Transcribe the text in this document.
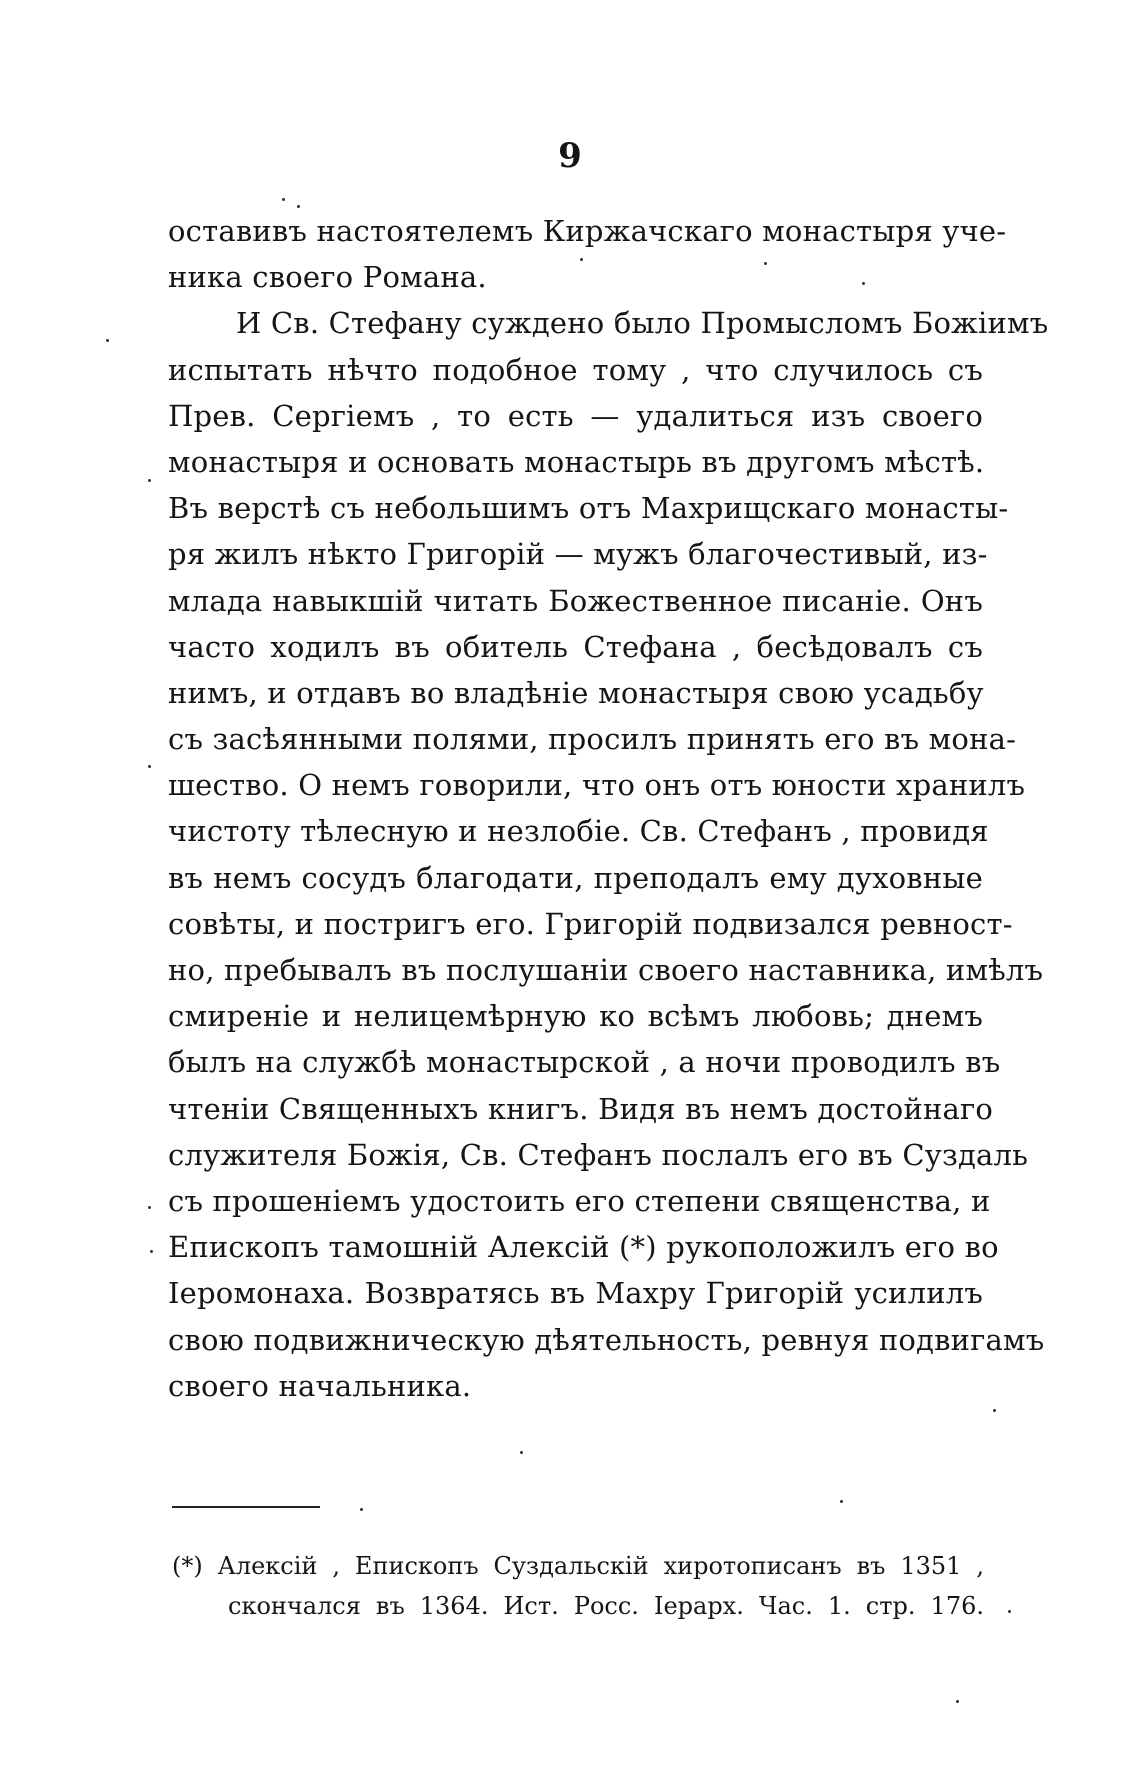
9
оставивъ настоятелемъ Киржачскаго монастыря уче-
ника своего Романа.
И Св. Стефану суждено было Промысломъ Божіимъ
испытать нѣчто подобное тому , что случилось съ
Прев. Сергіемъ , то есть — удалиться изъ своего
монастыря и основать монастырь въ другомъ мѣстѣ.
Въ верстѣ съ небольшимъ отъ Махрищскаго монасты-
ря жилъ нѣкто Григорій — мужъ благочестивый, из-
млада навыкшій читать Божественное писаніе. Онъ
часто ходилъ въ обитель Стефана , бесѣдовалъ съ
нимъ, и отдавъ во владѣніе монастыря свою усадьбу
съ засѣянными полями, просилъ принять его въ мона-
шество. О немъ говорили, что онъ отъ юности хранилъ
чистоту тѣлесную и незлобіе. Св. Стефанъ , провидя
въ немъ сосудъ благодати, преподалъ ему духовные
совѣты, и постригъ его. Григорій подвизался ревност-
но, пребывалъ въ послушаніи своего наставника, имѣлъ
смиреніе и нелицемѣрную ко всѣмъ любовь; днемъ
былъ на службѣ монастырской , а ночи проводилъ въ
чтеніи Священныхъ книгъ. Видя въ немъ достойнаго
служителя Божія, Св. Стефанъ послалъ его въ Суздаль
съ прошеніемъ удостоить его степени священства, и
Епископъ тамошній Алексій (*) рукоположилъ его во
Іеромонаха. Возвратясь въ Махру Григорій усилилъ
свою подвижническую дѣятельность, ревнуя подвигамъ
своего начальника.
(*) Алексій , Епископъ Суздальскій хиротописанъ въ 1351 ,
скончался въ 1364. Ист. Росс. Іерарх. Час. 1. стр. 176.
